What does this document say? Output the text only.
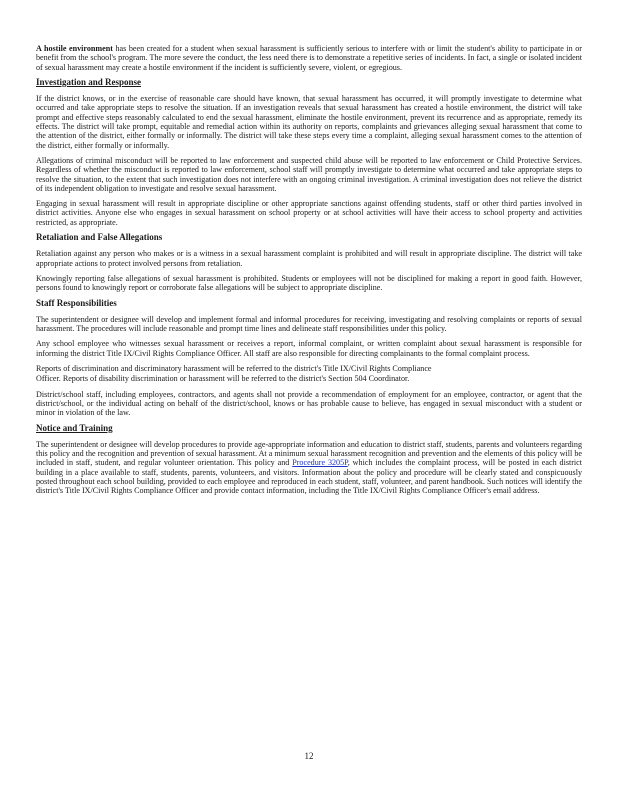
A hostile environment has been created for a student when sexual harassment is sufficiently serious to interfere with or limit the student's ability to participate in or benefit from the school's program. The more severe the conduct, the less need there is to demonstrate a repetitive series of incidents. In fact, a single or isolated incident of sexual harassment may create a hostile environment if the incident is sufficiently severe, violent, or egregious.

Investigation and Response

If the district knows, or in the exercise of reasonable care should have known, that sexual harassment has occurred, it will promptly investigate to determine what occurred and take appropriate steps to resolve the situation. If an investigation reveals that sexual harassment has created a hostile environment, the district will take prompt and effective steps reasonably calculated to end the sexual harassment, eliminate the hostile environment, prevent its recurrence and as appropriate, remedy its effects. The district will take prompt, equitable and remedial action within its authority on reports, complaints and grievances alleging sexual harassment that come to the attention of the district, either formally or informally. The district will take these steps every time a complaint, alleging sexual harassment comes to the attention of the district, either formally or informally.

Allegations of criminal misconduct will be reported to law enforcement and suspected child abuse will be reported to law enforcement or Child Protective Services. Regardless of whether the misconduct is reported to law enforcement, school staff will promptly investigate to determine what occurred and take appropriate steps to resolve the situation, to the extent that such investigation does not interfere with an ongoing criminal investigation. A criminal investigation does not relieve the district of its independent obligation to investigate and resolve sexual harassment.

Engaging in sexual harassment will result in appropriate discipline or other appropriate sanctions against offending students, staff or other third parties involved in district activities. Anyone else who engages in sexual harassment on school property or at school activities will have their access to school property and activities restricted, as appropriate.

Retaliation and False Allegations

Retaliation against any person who makes or is a witness in a sexual harassment complaint is prohibited and will result in appropriate discipline. The district will take appropriate actions to protect involved persons from retaliation.

Knowingly reporting false allegations of sexual harassment is prohibited. Students or employees will not be disciplined for making a report in good faith. However, persons found to knowingly report or corroborate false allegations will be subject to appropriate discipline.

Staff Responsibilities

The superintendent or designee will develop and implement formal and informal procedures for receiving, investigating and resolving complaints or reports of sexual harassment. The procedures will include reasonable and prompt time lines and delineate staff responsibilities under this policy.

Any school employee who witnesses sexual harassment or receives a report, informal complaint, or written complaint about sexual harassment is responsible for informing the district Title IX/Civil Rights Compliance Officer. All staff are also responsible for directing complainants to the formal complaint process.

Reports of discrimination and discriminatory harassment will be referred to the district's Title IX/Civil Rights Compliance

Officer. Reports of disability discrimination or harassment will be referred to the district's Section 504 Coordinator.

District/school staff, including employees, contractors, and agents shall not provide a recommendation of employment for an employee, contractor, or agent that the district/school, or the individual acting on behalf of the district/school, knows or has probable cause to believe, has engaged in sexual misconduct with a student or minor in violation of the law.

Notice and Training

The superintendent or designee will develop procedures to provide age-appropriate information and education to district staff, students, parents and volunteers regarding this policy and the recognition and prevention of sexual harassment. At a minimum sexual harassment recognition and prevention and the elements of this policy will be included in staff, student, and regular volunteer orientation. This policy and Procedure 3205P, which includes the complaint process, will be posted in each district building in a place available to staff, students, parents, volunteers, and visitors. Information about the policy and procedure will be clearly stated and conspicuously posted throughout each school building, provided to each employee and reproduced in each student, staff, volunteer, and parent handbook. Such notices will identify the district's Title IX/Civil Rights Compliance Officer and provide contact information, including the Title IX/Civil Rights Compliance Officer's email address.

12
